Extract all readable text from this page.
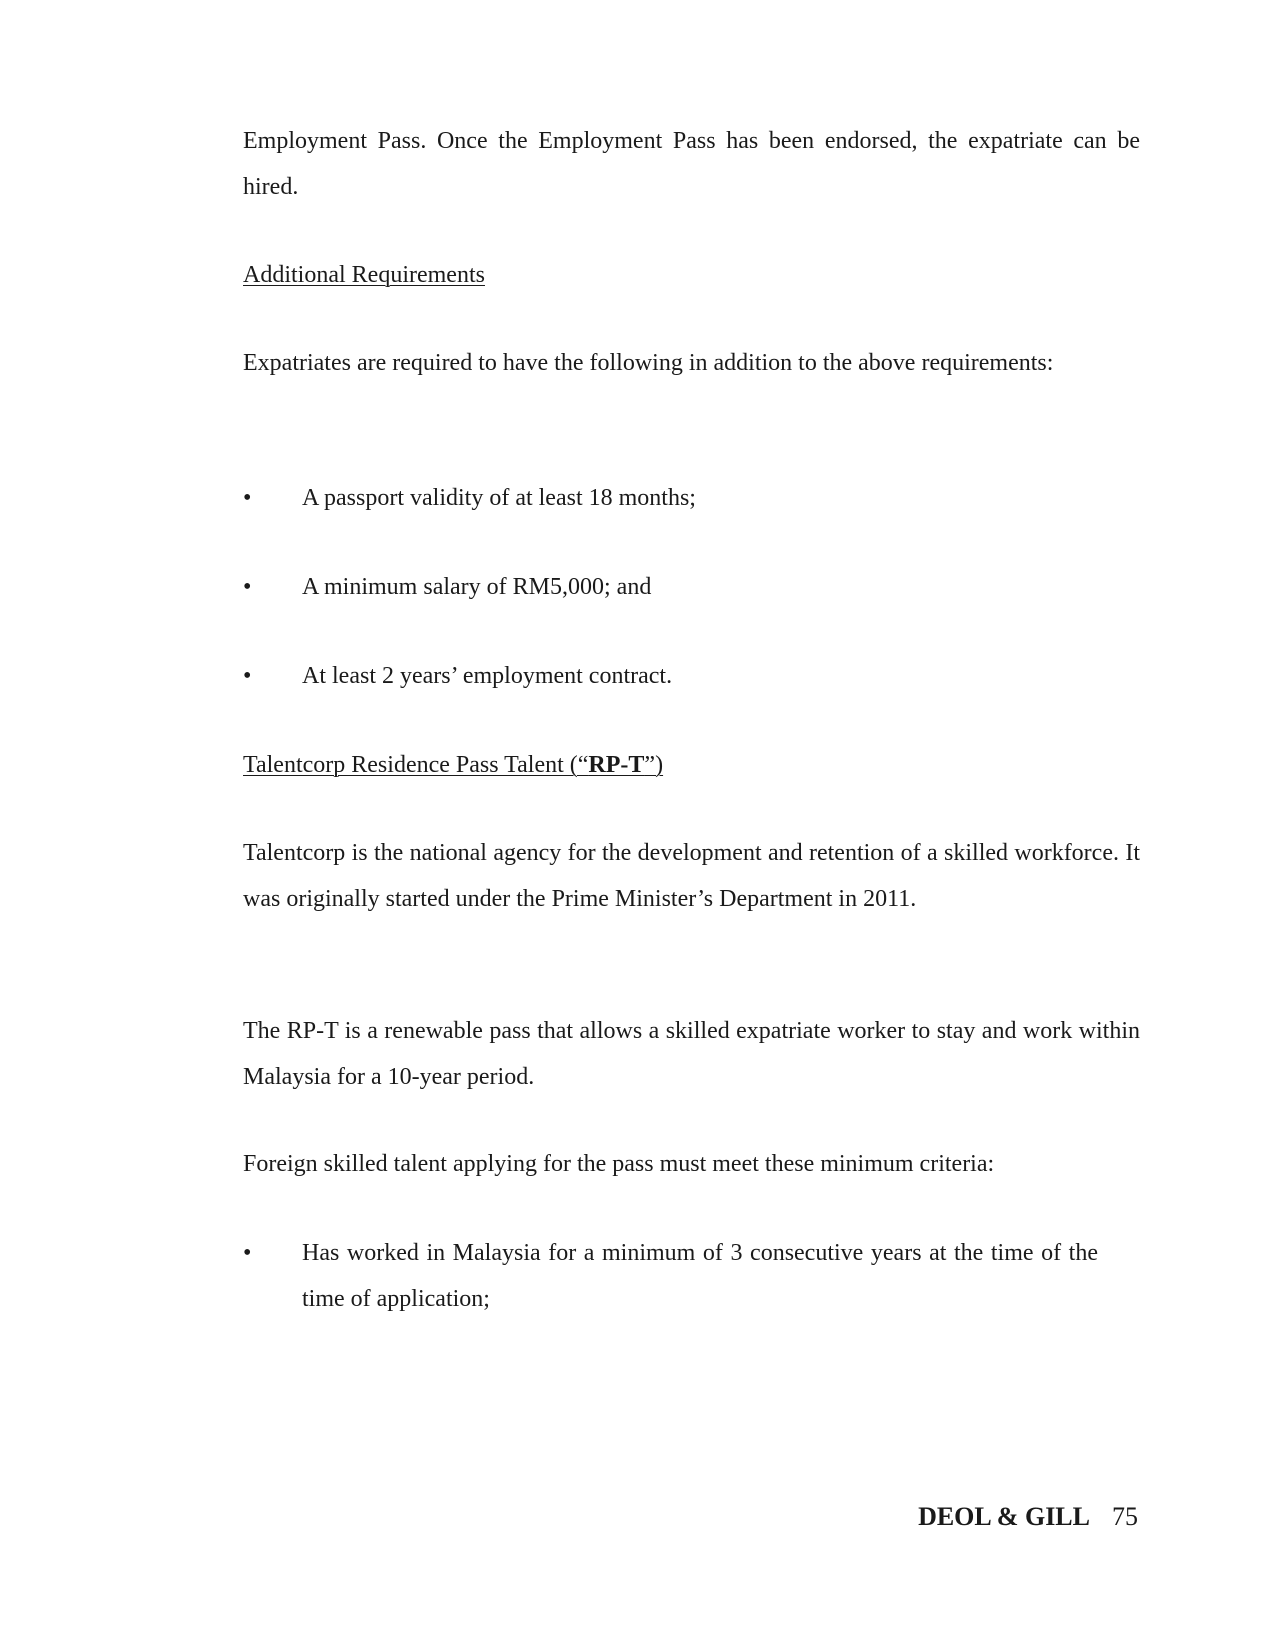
Employment Pass. Once the Employment Pass has been endorsed, the expatriate can be hired.

Additional Requirements

Expatriates are required to have the following in addition to the above requirements:

•	A passport validity of at least 18 months;
•	A minimum salary of RM5,000; and
•	At least 2 years’ employment contract.

Talentcorp Residence Pass Talent (“RP-T”)

Talentcorp is the national agency for the development and retention of a skilled workforce. It was originally started under the Prime Minister’s Department in 2011.

The RP-T is a renewable pass that allows a skilled expatriate worker to stay and work within Malaysia for a 10-year period.

Foreign skilled talent applying for the pass must meet these minimum criteria:

•	Has worked in Malaysia for a minimum of 3 consecutive years at the time of the time of application;
DEOL & GILL 75
